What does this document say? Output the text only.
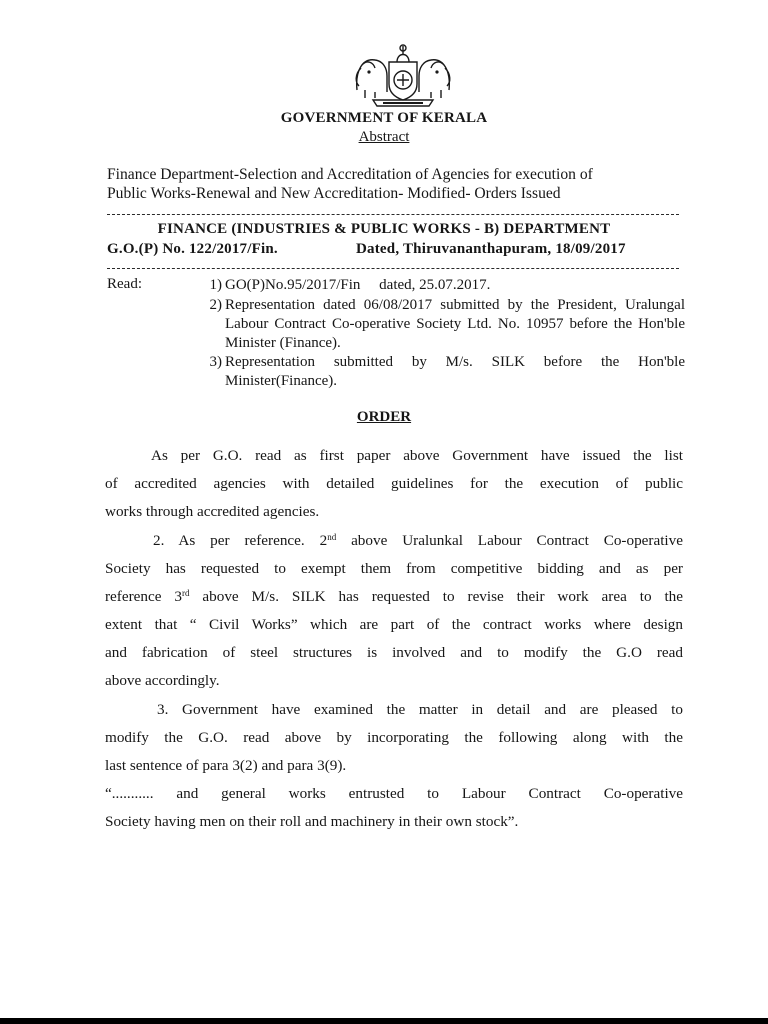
GOVERNMENT OF KERALA
Abstract
Finance Department-Selection and Accreditation of Agencies for execution of
Public Works-Renewal and New Accreditation- Modified- Orders Issued
FINANCE (INDUSTRIES & PUBLIC WORKS - B) DEPARTMENT
G.O.(P) No. 122/2017/Fin.	Dated, Thiruvananthapuram, 18/09/2017
Read:	1) GO(P)No.95/2017/Fin     dated, 25.07.2017.
2) Representation dated 06/08/2017 submitted by the President, Uralungal Labour Contract Co-operative Society Ltd. No. 10957 before the Hon'ble Minister (Finance).
3) Representation submitted by M/s. SILK before the Hon'ble Minister(Finance).
ORDER
As per G.O. read as first paper above Government have issued the list
of accredited agencies with detailed guidelines for the execution of public
works through accredited agencies.
2. As per reference. 2nd above Uralunkal Labour Contract Co-operative
Society has requested to exempt them from competitive bidding and as per
reference 3rd above M/s. SILK has requested to revise their work area to the
extent that “ Civil Works” which are part of the contract works where design
and fabrication of steel structures is involved and to modify the G.O read
above accordingly.
3. Government have examined the matter in detail and are pleased to
modify the G.O. read above by incorporating the following along with the
last sentence of para 3(2) and para 3(9).
“........... and general works entrusted to Labour Contract Co-operative
Society having men on their roll and machinery in their own stock”.
